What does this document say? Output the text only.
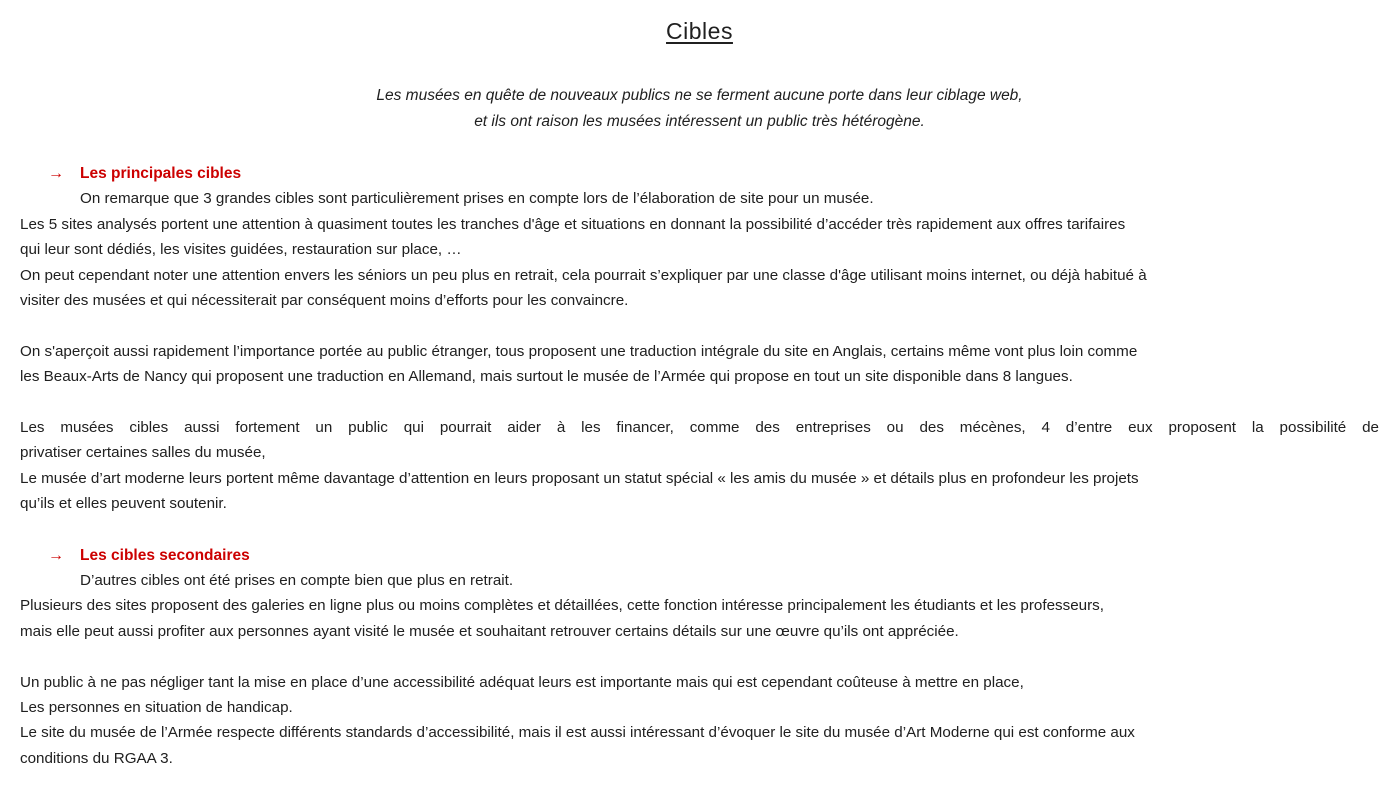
Cibles
Les musées en quête de nouveaux publics ne se ferment aucune porte dans leur ciblage web,
et ils ont raison les musées intéressent un public très hétérogène.
→ Les principales cibles
On remarque que 3 grandes cibles sont particulièrement prises en compte lors de l’élaboration de site pour un musée.
Les 5 sites analysés portent une attention à quasiment toutes les tranches d'âge et situations en donnant la possibilité d’accéder très rapidement aux offres tarifaires
qui leur sont dédiés, les visites guidées, restauration sur place, …
On peut cependant noter une attention envers les séniors un peu plus en retrait, cela pourrait s’expliquer par une classe d'âge utilisant moins internet, ou déjà habitué à
visiter des musées et qui nécessiterait par conséquent moins d’efforts pour les convaincre.
On s'aperçoit aussi rapidement l’importance portée au public étranger, tous proposent une traduction intégrale du site en Anglais, certains même vont plus loin comme
les Beaux-Arts de Nancy qui proposent une traduction en Allemand, mais surtout le musée de l’Armée qui propose en tout un site disponible dans 8 langues.
Les musées cibles aussi fortement un public qui pourrait aider à les financer, comme des entreprises ou des mécènes, 4 d’entre eux proposent la possibilité de
privatiser certaines salles du musée,
Le musée d’art moderne leurs portent même davantage d’attention en leurs proposant un statut spécial « les amis du musée » et détails plus en profondeur les projets
qu’ils et elles peuvent soutenir.
→ Les cibles secondaires
D’autres cibles ont été prises en compte bien que plus en retrait.
Plusieurs des sites proposent des galeries en ligne plus ou moins complètes et détaillées, cette fonction intéresse principalement les étudiants et les professeurs,
mais elle peut aussi profiter aux personnes ayant visité le musée et souhaitant retrouver certains détails sur une œuvre qu’ils ont appréciée.
Un public à ne pas négliger tant la mise en place d’une accessibilité adéquat leurs est importante mais qui est cependant coûteuse à mettre en place,
Les personnes en situation de handicap.
Le site du musée de l’Armée respecte différents standards d’accessibilité, mais il est aussi intéressant d’évoquer le site du musée d’Art Moderne qui est conforme aux
conditions du RGAA 3.
